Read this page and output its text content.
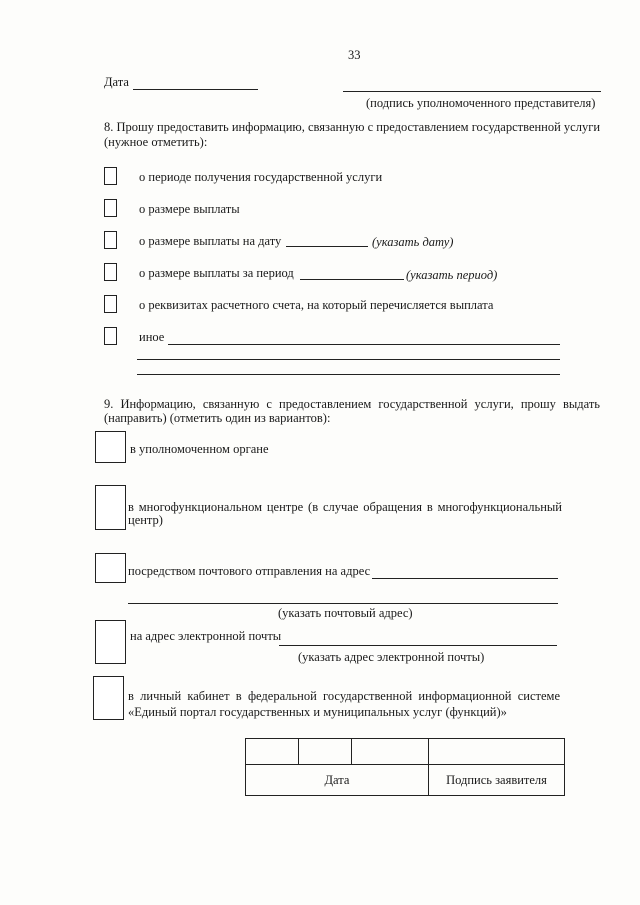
33
Дата
(подпись уполномоченного представителя)
8. Прошу предоставить информацию, связанную с предоставлением государственной услуги
(нужное отметить):
о периоде получения государственной услуги
о размере выплаты
о размере выплаты на дату	(указать дату)
о размере выплаты за период	(указать период)
о реквизитах расчетного счета, на который перечисляется выплата
иное
9. Информацию, связанную с предоставлением государственной услуги, прошу выдать
(направить) (отметить один из вариантов):
в уполномоченном органе
в многофункциональном центре (в случае обращения в многофункциональный
центр)
посредством почтового отправления на адрес
(указать почтовый адрес)
на адрес электронной почты
(указать адрес электронной почты)
в личный кабинет в федеральной государственной информационной системе
«Единый портал государственных и муниципальных услуг (функций)»

Дата			Подпись заявителя
